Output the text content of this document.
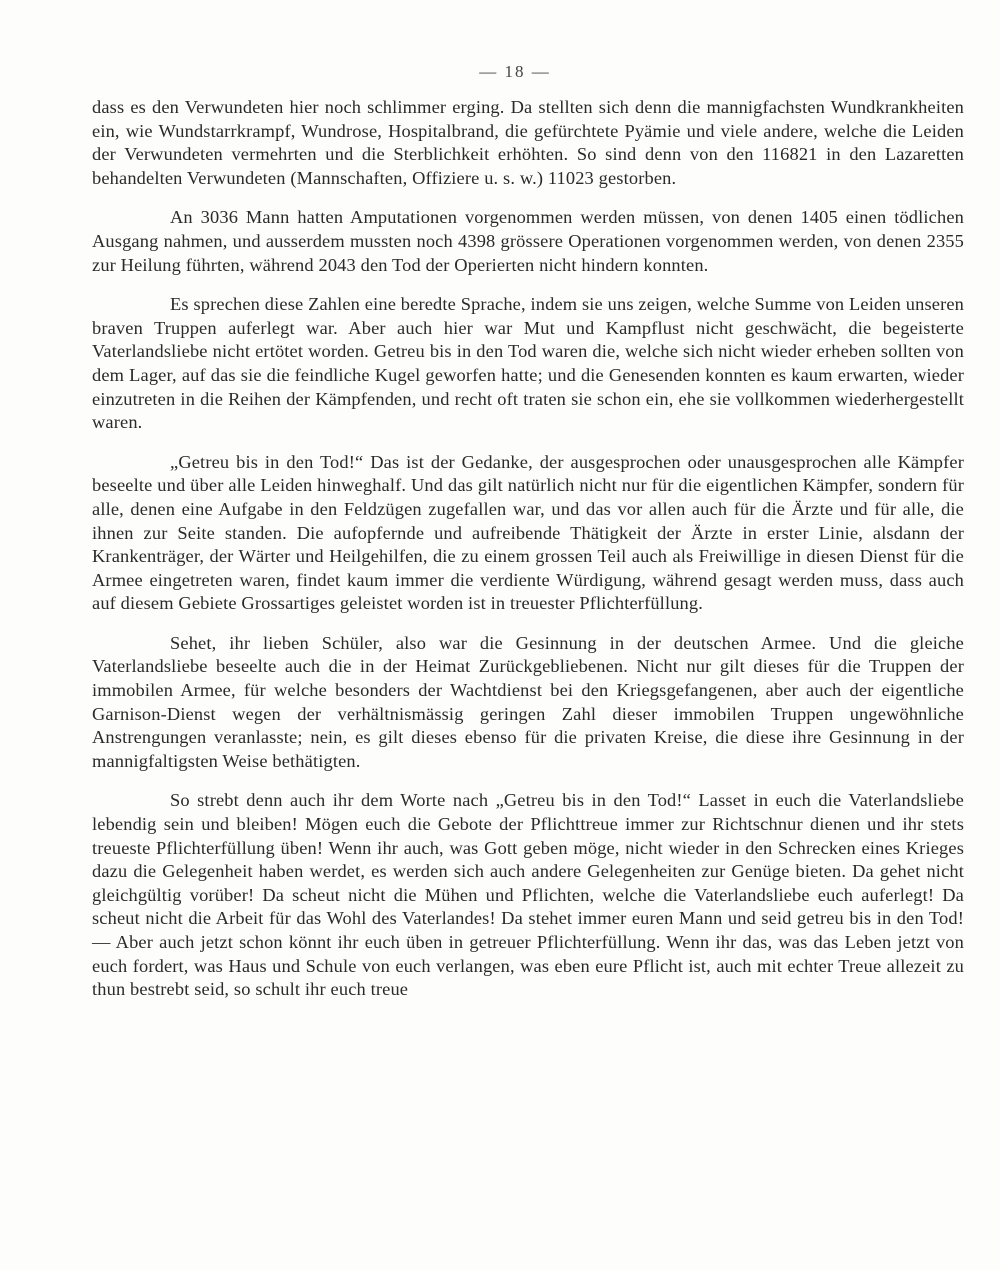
— 18 —

dass es den Verwundeten hier noch schlimmer erging. Da stellten sich denn die mannigfachsten Wundkrankheiten ein, wie Wundstarrkrampf, Wundrose, Hospitalbrand, die gefürchtete Pyämie und viele andere, welche die Leiden der Verwundeten vermehrten und die Sterblichkeit erhöhten. So sind denn von den 116821 in den Lazaretten behandelten Verwundeten (Mannschaften, Offiziere u. s. w.) 11023 gestorben.

An 3036 Mann hatten Amputationen vorgenommen werden müssen, von denen 1405 einen tödlichen Ausgang nahmen, und ausserdem mussten noch 4398 grössere Operationen vorgenommen werden, von denen 2355 zur Heilung führten, während 2043 den Tod der Operierten nicht hindern konnten.

Es sprechen diese Zahlen eine beredte Sprache, indem sie uns zeigen, welche Summe von Leiden unseren braven Truppen auferlegt war. Aber auch hier war Mut und Kampflust nicht geschwächt, die begeisterte Vaterlandsliebe nicht ertötet worden. Getreu bis in den Tod waren die, welche sich nicht wieder erheben sollten von dem Lager, auf das sie die feindliche Kugel geworfen hatte; und die Genesenden konnten es kaum erwarten, wieder einzutreten in die Reihen der Kämpfenden, und recht oft traten sie schon ein, ehe sie vollkommen wiederhergestellt waren.

„Getreu bis in den Tod!“ Das ist der Gedanke, der ausgesprochen oder unausgesprochen alle Kämpfer beseelte und über alle Leiden hinweghalf. Und das gilt natürlich nicht nur für die eigentlichen Kämpfer, sondern für alle, denen eine Aufgabe in den Feldzügen zugefallen war, und das vor allen auch für die Ärzte und für alle, die ihnen zur Seite standen. Die aufopfernde und aufreibende Thätigkeit der Ärzte in erster Linie, alsdann der Krankenträger, der Wärter und Heilgehilfen, die zu einem grossen Teil auch als Freiwillige in diesen Dienst für die Armee eingetreten waren, findet kaum immer die verdiente Würdigung, während gesagt werden muss, dass auch auf diesem Gebiete Grossartiges geleistet worden ist in treuester Pflichterfüllung.

Sehet, ihr lieben Schüler, also war die Gesinnung in der deutschen Armee. Und die gleiche Vaterlandsliebe beseelte auch die in der Heimat Zurückgebliebenen. Nicht nur gilt dieses für die Truppen der immobilen Armee, für welche besonders der Wachtdienst bei den Kriegsgefangenen, aber auch der eigentliche Garnison-Dienst wegen der verhältnismässig geringen Zahl dieser immobilen Truppen ungewöhnliche Anstrengungen veranlasste; nein, es gilt dieses ebenso für die privaten Kreise, die diese ihre Gesinnung in der mannigfaltigsten Weise bethätigten.

So strebt denn auch ihr dem Worte nach „Getreu bis in den Tod!“ Lasset in euch die Vaterlandsliebe lebendig sein und bleiben! Mögen euch die Gebote der Pflichttreue immer zur Richtschnur dienen und ihr stets treueste Pflichterfüllung üben! Wenn ihr auch, was Gott geben möge, nicht wieder in den Schrecken eines Krieges dazu die Gelegenheit haben werdet, es werden sich auch andere Gelegenheiten zur Genüge bieten. Da gehet nicht gleichgültig vorüber! Da scheut nicht die Mühen und Pflichten, welche die Vaterlandsliebe euch auferlegt! Da scheut nicht die Arbeit für das Wohl des Vaterlandes! Da stehet immer euren Mann und seid getreu bis in den Tod! — Aber auch jetzt schon könnt ihr euch üben in getreuer Pflichterfüllung. Wenn ihr das, was das Leben jetzt von euch fordert, was Haus und Schule von euch verlangen, was eben eure Pflicht ist, auch mit echter Treue allezeit zu thun bestrebt seid, so schult ihr euch treue
